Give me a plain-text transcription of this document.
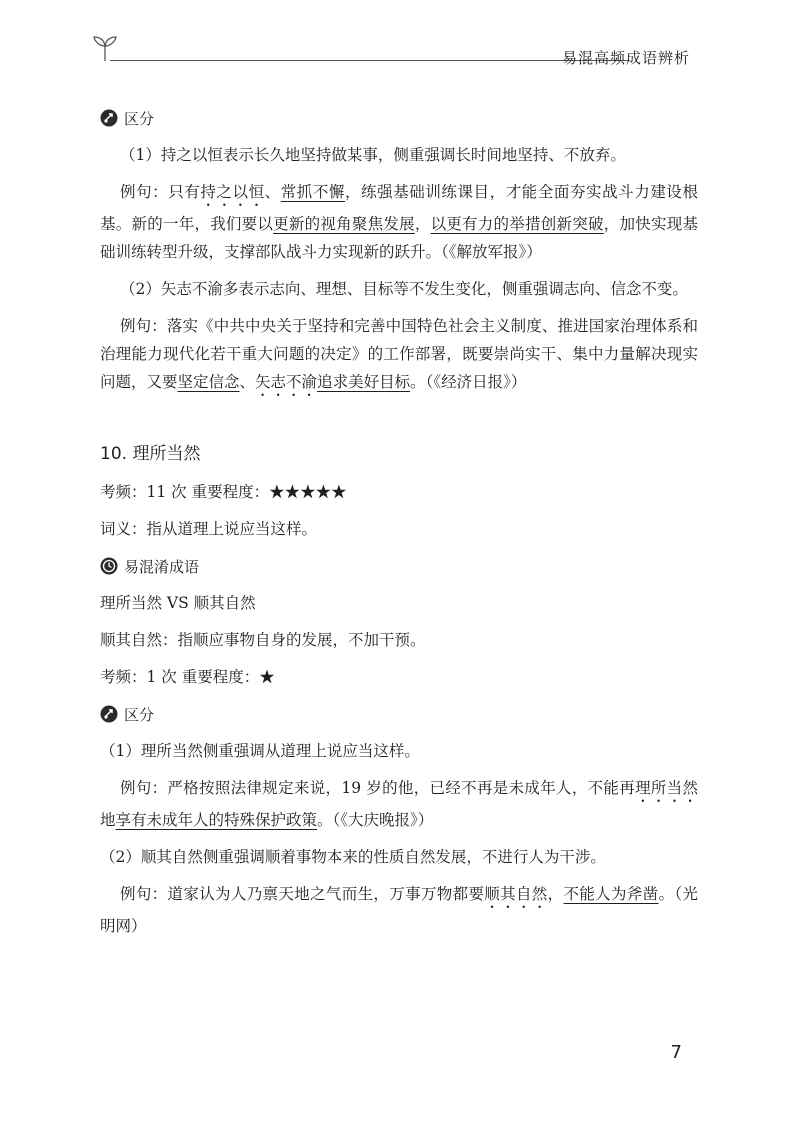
易混高频成语辨析
区分

（1）持之以恒表示长久地坚持做某事，侧重强调长时间地坚持、不放弃。

例句：只有持之以恒、常抓不懈，练强基础训练课目，才能全面夯实战斗力建设根基。新的一年，我们要以更新的视角聚焦发展，以更有力的举措创新突破，加快实现基础训练转型升级，支撑部队战斗力实现新的跃升。（《解放军报》）

（2）矢志不渝多表示志向、理想、目标等不发生变化，侧重强调志向、信念不变。

例句：落实《中共中央关于坚持和完善中国特色社会主义制度、推进国家治理体系和治理能力现代化若干重大问题的决定》的工作部署，既要崇尚实干、集中力量解决现实问题，又要坚定信念、矢志不渝追求美好目标。（《经济日报》）

10. 理所当然

考频：11 次 重要程度：★★★★★

词义：指从道理上说应当这样。

易混淆成语

理所当然 VS 顺其自然

顺其自然：指顺应事物自身的发展，不加干预。

考频：1 次 重要程度：★

区分

（1）理所当然侧重强调从道理上说应当这样。

例句：严格按照法律规定来说，19 岁的他，已经不再是未成年人，不能再理所当然地享有未成年人的特殊保护政策。（《大庆晚报》）

（2）顺其自然侧重强调顺着事物本来的性质自然发展，不进行人为干涉。

例句：道家认为人乃禀天地之气而生，万事万物都要顺其自然，不能人为斧凿。（光明网）

7
